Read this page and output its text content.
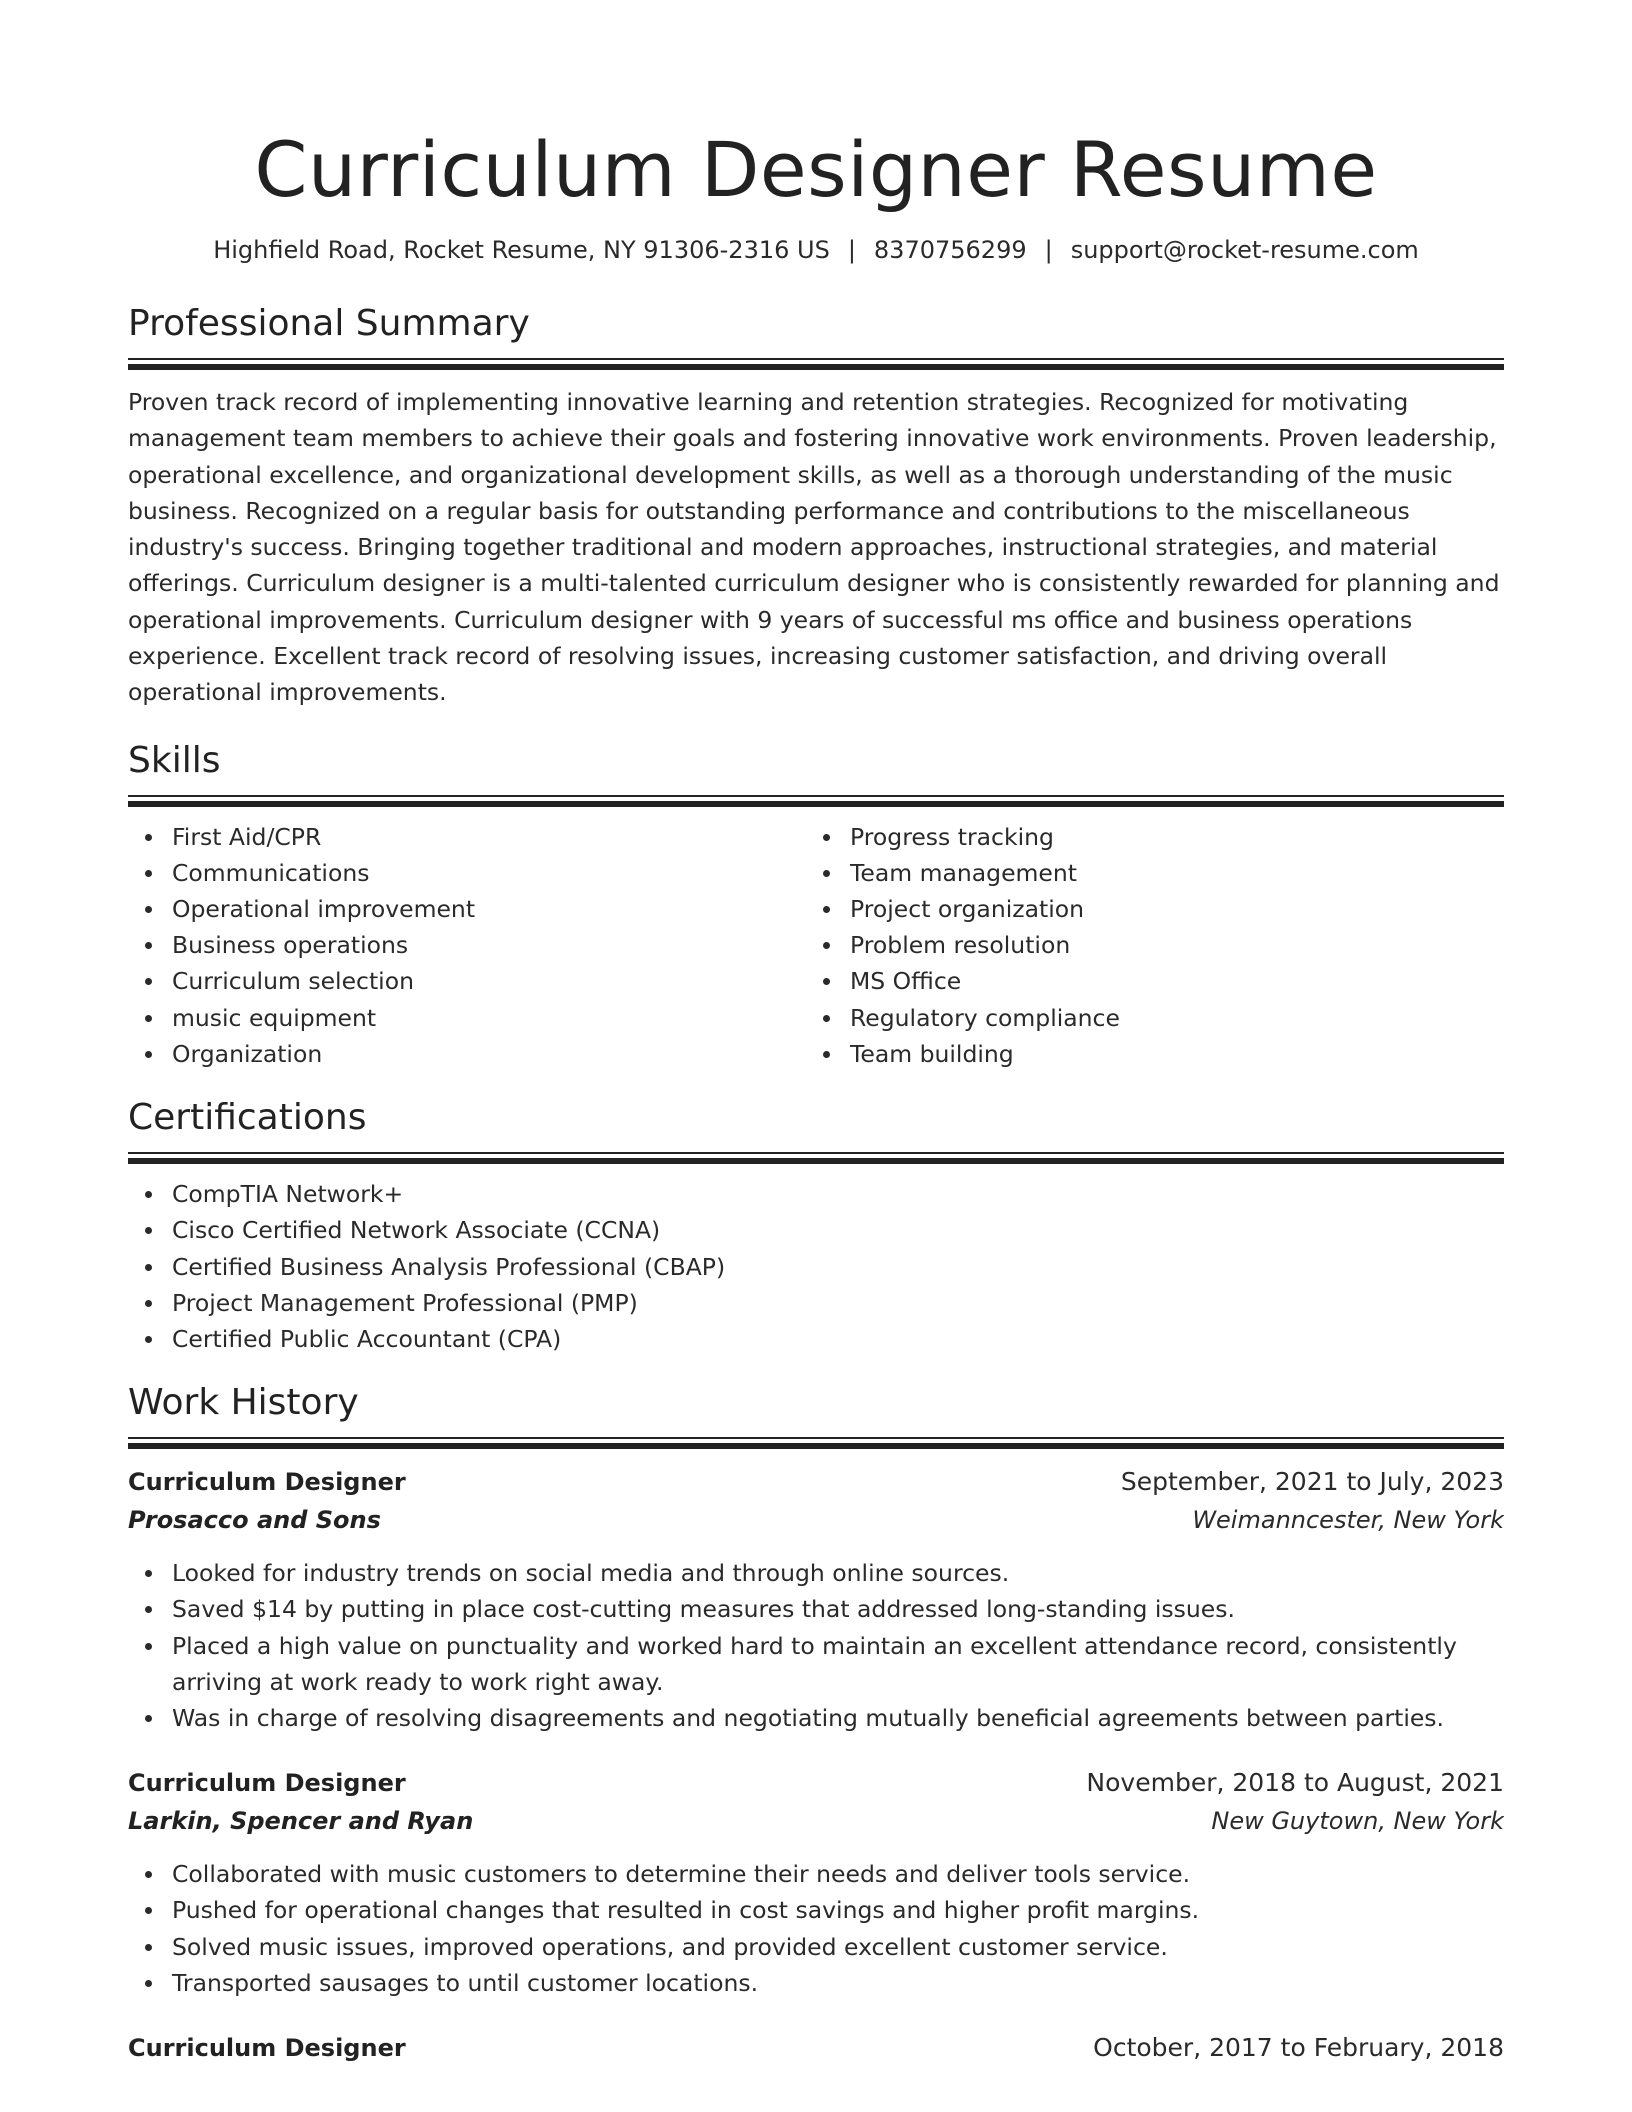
Curriculum Designer Resume
Highfield Road, Rocket Resume, NY 91306-2316 US | 8370756299 | support@rocket-resume.com
Professional Summary

Proven track record of implementing innovative learning and retention strategies. Recognized for motivating management team members to achieve their goals and fostering innovative work environments. Proven leadership, operational excellence, and organizational development skills, as well as a thorough understanding of the music business. Recognized on a regular basis for outstanding performance and contributions to the miscellaneous industry's success. Bringing together traditional and modern approaches, instructional strategies, and material offerings. Curriculum designer is a multi-talented curriculum designer who is consistently rewarded for planning and operational improvements. Curriculum designer with 9 years of successful ms office and business operations experience. Excellent track record of resolving issues, increasing customer satisfaction, and driving overall operational improvements.

Skills
First Aid/CPR
Communications
Operational improvement
Business operations
Curriculum selection
music equipment
Organization
Progress tracking
Team management
Project organization
Problem resolution
MS Office
Regulatory compliance
Team building
Certifications
CompTIA Network+
Cisco Certified Network Associate (CCNA)
Certified Business Analysis Professional (CBAP)
Project Management Professional (PMP)
Certified Public Accountant (CPA)
Work History
Curriculum Designer	September, 2021 to July, 2023
Prosacco and Sons	Weimanncester, New York
Looked for industry trends on social media and through online sources.
Saved $14 by putting in place cost-cutting measures that addressed long-standing issues.
Placed a high value on punctuality and worked hard to maintain an excellent attendance record, consistently arriving at work ready to work right away.
Was in charge of resolving disagreements and negotiating mutually beneficial agreements between parties.
Curriculum Designer	November, 2018 to August, 2021
Larkin, Spencer and Ryan	New Guytown, New York
Collaborated with music customers to determine their needs and deliver tools service.
Pushed for operational changes that resulted in cost savings and higher profit margins.
Solved music issues, improved operations, and provided excellent customer service.
Transported sausages to until customer locations.
Curriculum Designer	October, 2017 to February, 2018
